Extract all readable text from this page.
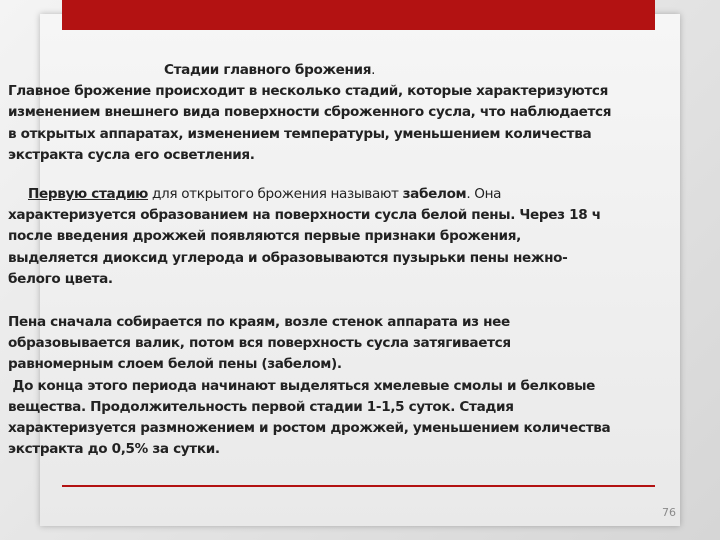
Стадии главного брожения.

Главное брожение происходит в несколько стадий, которые характеризуются

изменением внешнего вида поверхности сброженного сусла, что наблюдается

в открытых аппаратах, изменением температуры, уменьшением количества

экстракта сусла его осветления.

Первую стадию для открытого брожения называют забелом. Она

характеризуется образованием на поверхности сусла белой пены. Через 18 ч

после введения дрожжей появляются первые признаки брожения,

выделяется диоксид углерода и образовываются пузырьки пены нежно-

белого цвета.

Пена сначала собирается по краям, возле стенок аппарата из нее

образовывается валик, потом вся поверхность сусла затягивается

равномерным слоем белой пены (забелом).

До конца этого периода начинают выделяться хмелевые смолы и белковые

вещества. Продолжительность первой стадии 1-1,5 суток. Стадия

характеризуется размножением и ростом дрожжей, уменьшением количества

экстракта до 0,5% за сутки.

76
